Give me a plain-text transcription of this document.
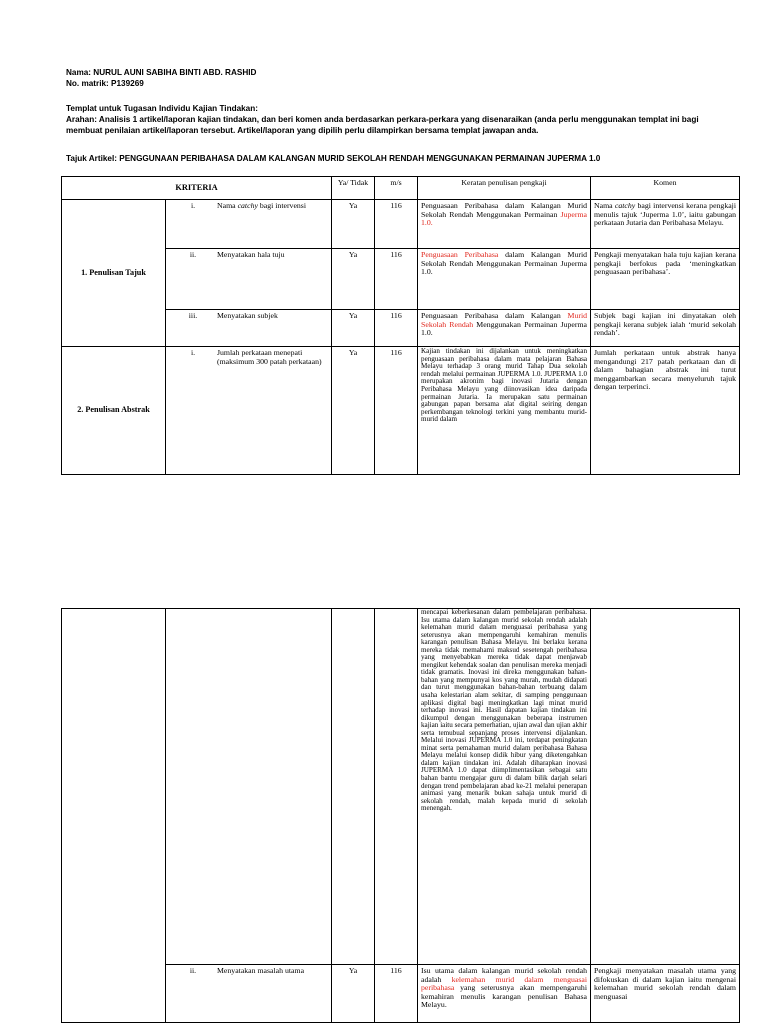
Nama: NURUL AUNI SABIHA BINTI ABD. RASHID

No. matrik: P139269

Templat untuk Tugasan Individu Kajian Tindakan:

Arahan: Analisis 1 artikel/laporan kajian tindakan, dan beri komen anda berdasarkan perkara-perkara yang disenaraikan (anda perlu menggunakan templat ini bagi membuat penilaian artikel/laporan tersebut. Artikel/laporan yang dipilih perlu dilampirkan bersama templat jawapan anda.

Tajuk Artikel: PENGGUNAAN PERIBAHASA DALAM KALANGAN MURID SEKOLAH RENDAH MENGGUNAKAN PERMAINAN JUPERMA 1.0

KRITERIA		Ya/ Tidak	m/s	Keratan penulisan pengkaji	Komen
1. Penulisan Tajuk	i. Nama catchy bagi intervensi	Ya	116	Penguasaan Peribahasa dalam Kalangan Murid Sekolah Rendah Menggunakan Permainan Juperma 1.0.	Nama catchy bagi intervensi kerana pengkaji menulis tajuk ‘Juperma 1.0’, iaitu gabungan perkataan Jutaria dan Peribahasa Melayu.

	ii. Menyatakan hala tuju	Ya	116	Penguasaan Peribahasa dalam Kalangan Murid Sekolah Rendah Menggunakan Permainan Juperma 1.0.	Pengkaji menyatakan hala tuju kajian kerana pengkaji berfokus pada ‘meningkatkan penguasaan peribahasa’.

	iii. Menyatakan subjek	Ya	116	Penguasaan Peribahasa dalam Kalangan Murid Sekolah Rendah Menggunakan Permainan Juperma 1.0.	Subjek bagi kajian ini dinyatakan oleh pengkaji kerana subjek ialah ‘murid sekolah rendah’.
2. Penulisan Abstrak	i. Jumlah perkataan menepati (maksimum 300 patah perkataan)	Ya	116	Kajian tindakan ini dijalankan untuk meningkatkan penguasaan peribahasa dalam mata pelajaran Bahasa Melayu terhadap 3 orang murid Tahap Dua sekolah rendah melalui permainan JUPERMA 1.0. JUPERMA 1.0 merupakan akronim bagi inovasi Jutaria dengan Peribahasa Melayu yang diinovasikan idea daripada permainan Jutaria. Ia merupakan satu permainan gabungan papan bersama alat digital seiring dengan perkembangan teknologi terkini yang membantu murid-murid dalam	Jumlah perkataan untuk abstrak hanya mengandungi 217 patah perkataan dan di dalam bahagian abstrak ini turut menggambarkan secara menyeluruh tajuk dengan terperinci.
				mencapai keberkesanan dalam pembelajaran peribahasa. Isu utama dalam kalangan murid sekolah rendah adalah kelemahan murid dalam menguasai peribahasa yang seterusnya akan mempengaruhi kemahiran menulis karangan penulisan Bahasa Melayu. Ini berlaku kerana mereka tidak memahami maksud sesetengah peribahasa yang menyebabkan mereka tidak dapat menjawab mengikut kehendak soalan dan penulisan mereka menjadi tidak gramatis. Inovasi ini direka menggunakan bahan-bahan yang mempunyai kos yang murah, mudah didapati dan turut menggunakan bahan-bahan terbuang dalam usaha kelestarian alam sekitar, di samping penggunaan aplikasi digital bagi meningkatkan lagi minat murid terhadap inovasi ini. Hasil dapatan kajian tindakan ini dikumpul dengan menggunakan beberapa instrumen kajian iaitu secara pemerhatian, ujian awal dan ujian akhir serta temubual sepanjang proses intervensi dijalankan. Melalui inovasi JUPERMA 1.0 ini, terdapat peningkatan minat serta pemahaman murid dalam peribahasa Bahasa Melayu melalui konsep didik hibur yang diketengahkan dalam kajian tindakan ini. Adalah diharapkan inovasi JUPERMA 1.0 dapat diimplimentasikan sebagai satu bahan bantu mengajar guru di dalam bilik darjah selari dengan trend pembelajaran abad ke-21 melalui penerapan animasi yang menarik bukan sahaja untuk murid di sekolah rendah, malah kepada murid di sekolah menengah.	

	ii. Menyatakan masalah utama	Ya	116	Isu utama dalam kalangan murid sekolah rendah adalah kelemahan murid dalam menguasai peribahasa yang seterusnya akan mempengaruhi kemahiran menulis karangan penulisan Bahasa Melayu.	Pengkaji menyatakan masalah utama yang difokuskan di dalam kajian iaitu mengenai kelemahan murid sekolah rendah dalam menguasai
